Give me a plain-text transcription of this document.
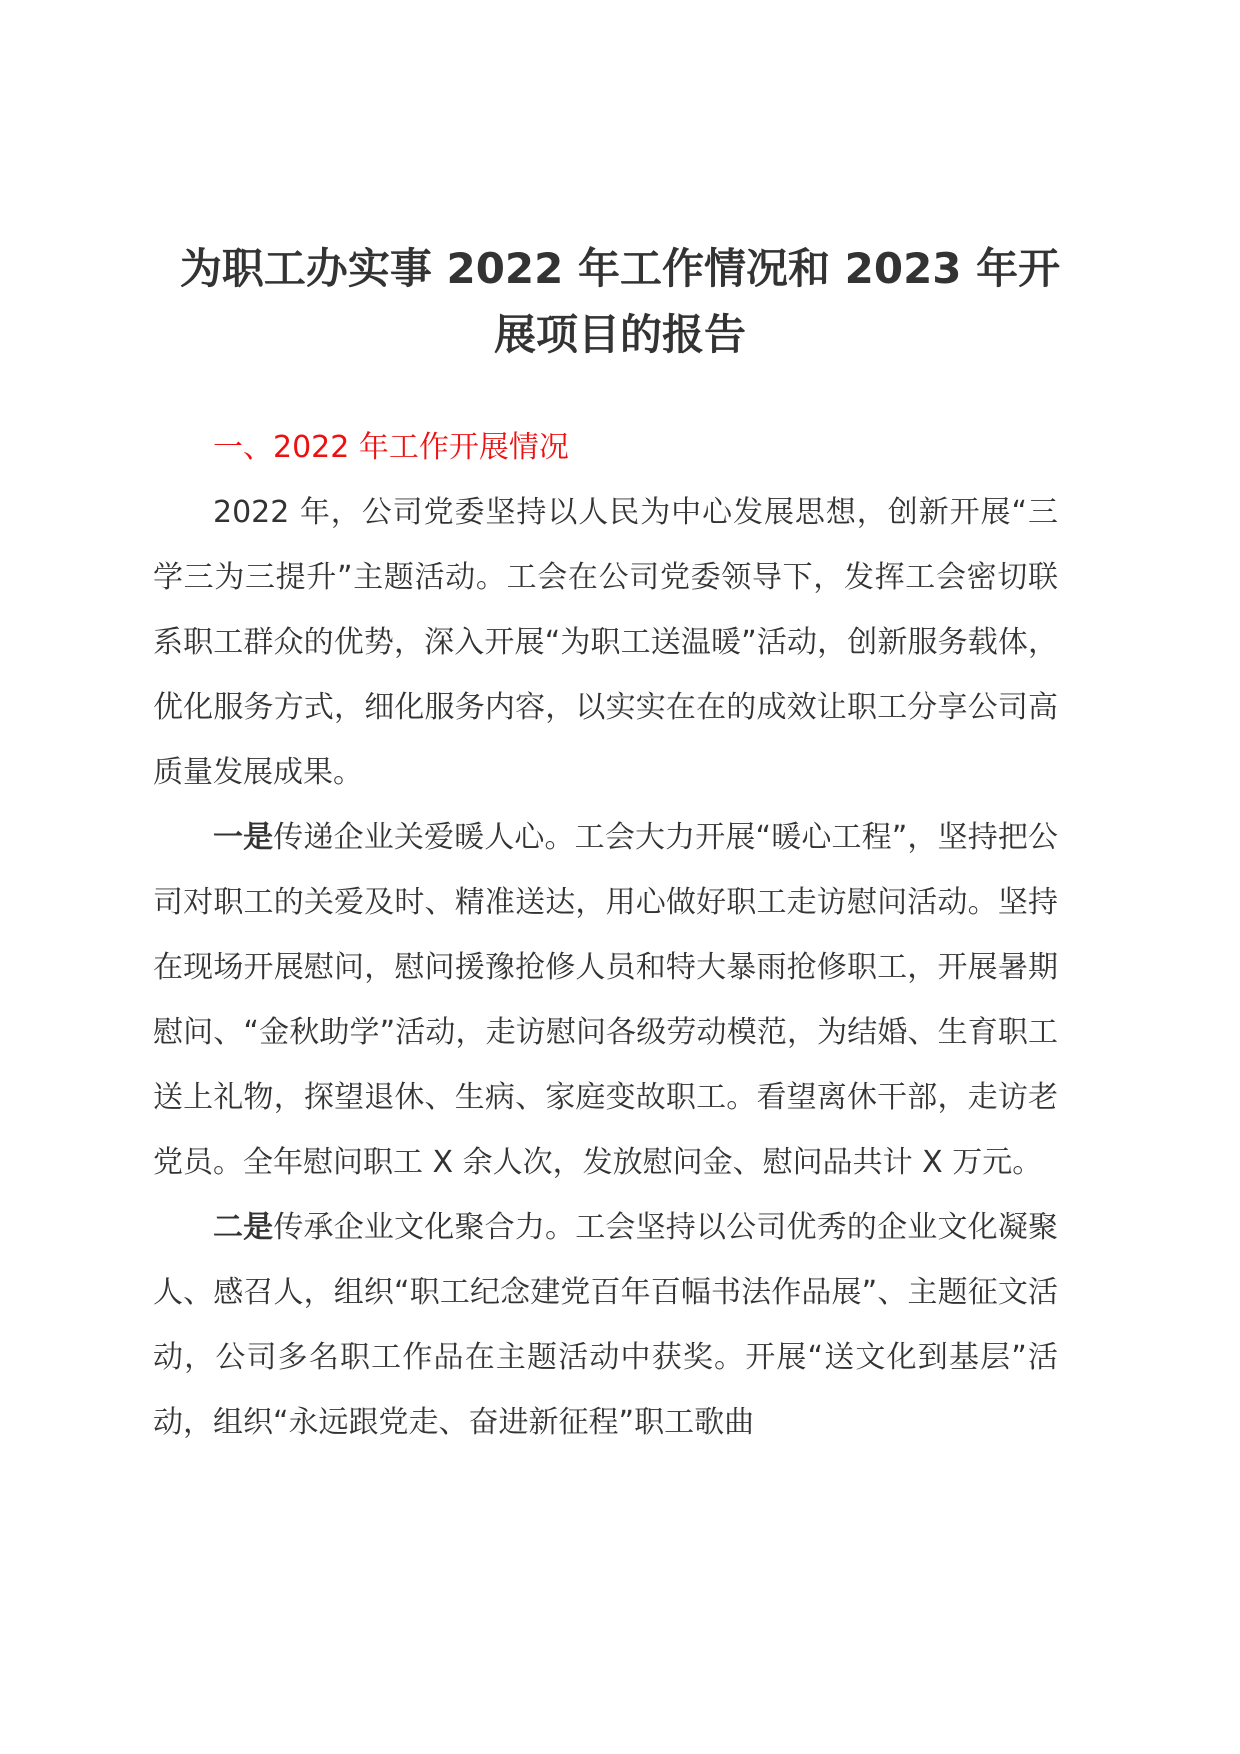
为职工办实事 2022 年工作情况和 2023 年开
展项目的报告

一、2022 年工作开展情况

2022 年，公司党委坚持以人民为中心发展思想，创新开展“三学三为三提升”主题活动。工会在公司党委领导下，发挥工会密切联系职工群众的优势，深入开展“为职工送温暖”活动，创新服务载体，优化服务方式，细化服务内容，以实实在在的成效让职工分享公司高质量发展成果。

一是传递企业关爱暖人心。工会大力开展“暖心工程”，坚持把公司对职工的关爱及时、精准送达，用心做好职工走访慰问活动。坚持在现场开展慰问，慰问援豫抢修人员和特大暴雨抢修职工，开展暑期慰问、“金秋助学”活动，走访慰问各级劳动模范，为结婚、生育职工送上礼物，探望退休、生病、家庭变故职工。看望离休干部，走访老党员。全年慰问职工 X 余人次，发放慰问金、慰问品共计 X 万元。

二是传承企业文化聚合力。工会坚持以公司优秀的企业文化凝聚人、感召人，组织“职工纪念建党百年百幅书法作品展”、主题征文活动，公司多名职工作品在主题活动中获奖。开展“送文化到基层”活动，组织“永远跟党走、奋进新征程”职工歌曲
